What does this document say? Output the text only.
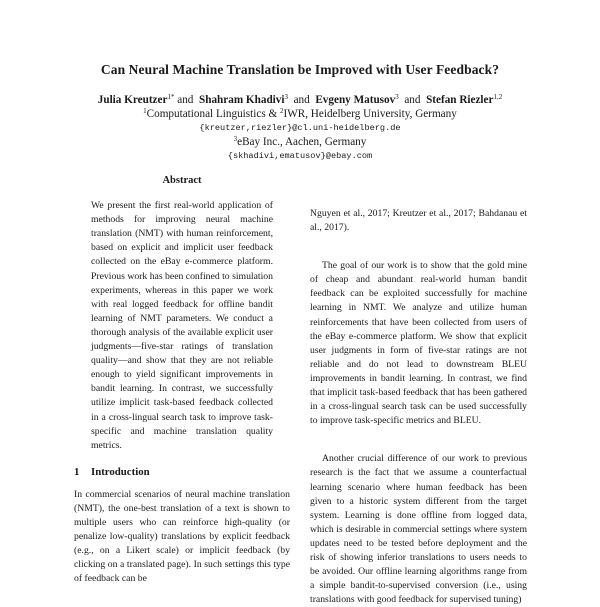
Can Neural Machine Translation be Improved with User Feedback?
Julia Kreutzer$^{1*}$ and Shahram Khadivi$^3$ and Evgeny Matusov$^3$ and Stefan Riezler$^{1,2}$
$^1$Computational Linguistics & $^2$IWR, Heidelberg University, Germany
{kreutzer,riezler}@cl.uni-heidelberg.de
$^3$eBay Inc., Aachen, Germany
{skhadivi,ematusov}@ebay.com
Abstract

We present the first real-world application of methods for improving neural machine translation (NMT) with human reinforcement, based on explicit and implicit user feedback collected on the eBay e-commerce platform. Previous work has been confined to simulation experiments, whereas in this paper we work with real logged feedback for offline bandit learning of NMT parameters. We conduct a thorough analysis of the available explicit user judgments—five-star ratings of translation quality—and show that they are not reliable enough to yield significant improvements in bandit learning. In contrast, we successfully utilize implicit task-based feedback collected in a cross-lingual search task to improve task-specific and machine translation quality metrics.

1 Introduction

In commercial scenarios of neural machine translation (NMT), the one-best translation of a text is shown to multiple users who can reinforce high-quality (or penalize low-quality) translations by explicit feedback (e.g., on a Likert scale) or implicit feedback (by clicking on a translated page). In such settings this type of feedback can be

Nguyen et al., 2017; Kreutzer et al., 2017; Bahdanau et al., 2017).

The goal of our work is to show that the gold mine of cheap and abundant real-world human bandit feedback can be exploited successfully for machine learning in NMT. We analyze and utilize human reinforcements that have been collected from users of the eBay e-commerce platform. We show that explicit user judgments in form of five-star ratings are not reliable and do not lead to downstream BLEU improvements in bandit learning. In contrast, we find that implicit task-based feedback that has been gathered in a cross-lingual search task can be used successfully to improve task-specific metrics and BLEU.

Another crucial difference of our work to previous research is the fact that we assume a counterfactual learning scenario where human feedback has been given to a historic system different from the target system. Learning is done offline from logged data, which is desirable in commercial settings where system updates need to be tested before deployment and the risk of showing inferior translations to users needs to be avoided. Our offline learning algorithms range from a simple bandit-to-supervised conversion (i.e., using translations with good feedback for supervised tuning)
